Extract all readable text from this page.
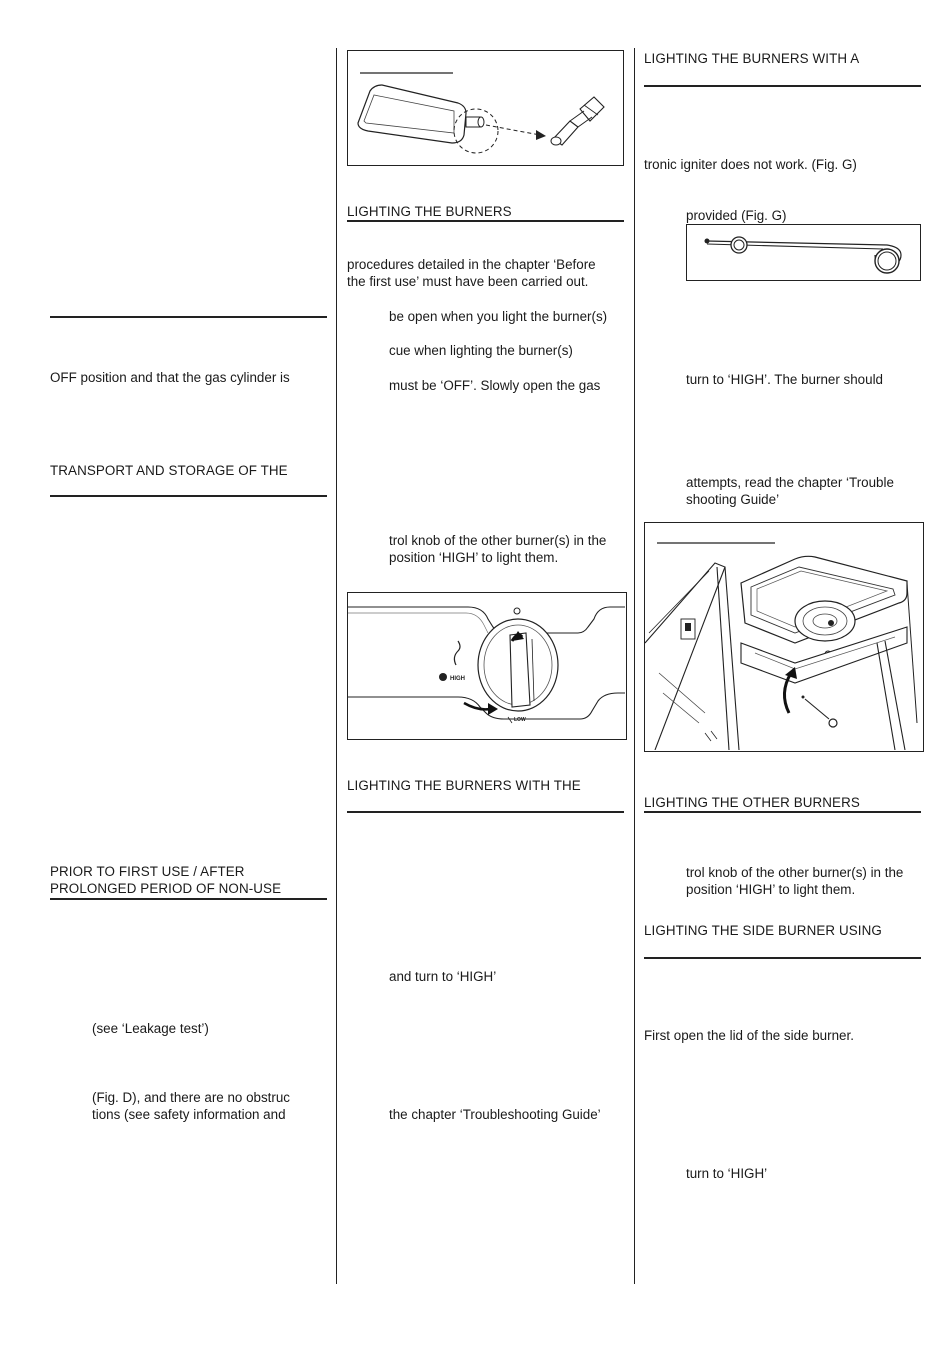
OFF position and that the gas cylinder is
TRANSPORT AND STORAGE OF THE
PRIOR TO FIRST USE / AFTER
PROLONGED PERIOD OF NON-USE
(see ‘Leakage test’)
(Fig. D), and there are no obstruc
tions (see safety information and
LIGHTING THE BURNERS
procedures detailed in the chapter ‘Before
the first use’ must have been carried out.
be open when you light the burner(s)
cue when lighting the burner(s)
must be ‘OFF’. Slowly open the gas
trol knob of the other burner(s) in the
position ‘HIGH’ to light them.
HIGH
LOW
LIGHTING THE BURNERS WITH THE
and turn to ‘HIGH’
the chapter ‘Troubleshooting Guide’
LIGHTING THE BURNERS WITH A
tronic igniter does not work. (Fig. G)
provided (Fig. G)
turn to ‘HIGH’. The burner should
attempts, read the chapter ‘Trouble
shooting Guide’
LIGHTING THE OTHER BURNERS
trol knob of the other burner(s) in the
position ‘HIGH’ to light them.
LIGHTING THE SIDE BURNER USING
First open the lid of the side burner.
turn to ‘HIGH’
